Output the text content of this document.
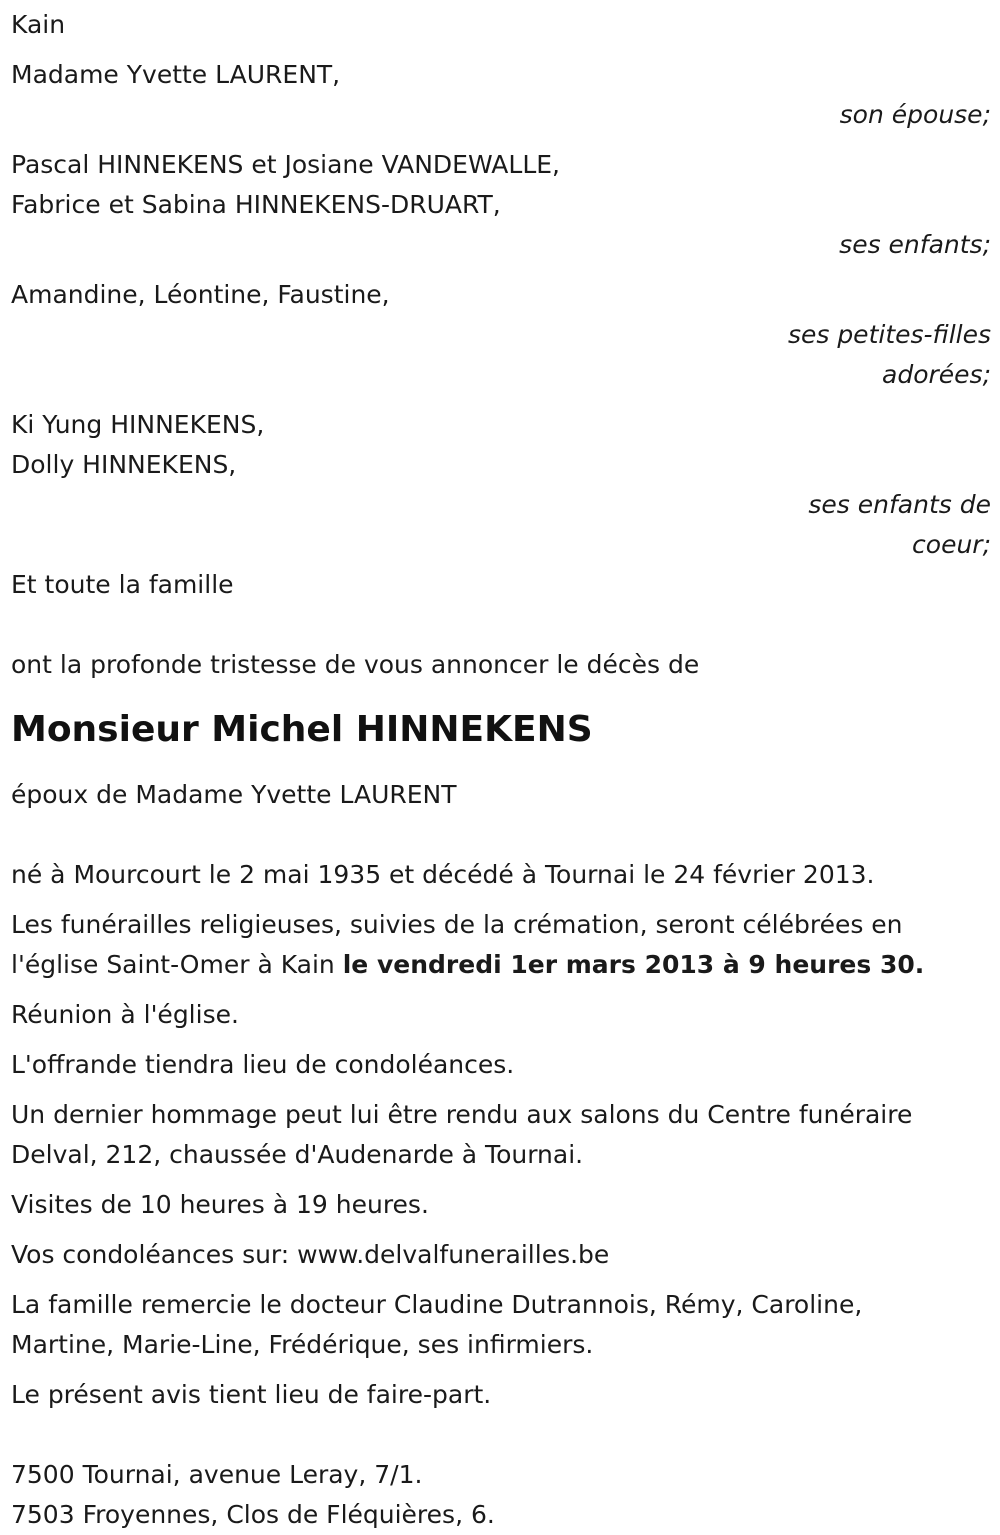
Kain

Madame Yvette LAURENT,

son épouse;

Pascal HINNEKENS et Josiane VANDEWALLE,

Fabrice et Sabina HINNEKENS-DRUART,

ses enfants;

Amandine, Léontine, Faustine,

ses petites-filles

adorées;

Ki Yung HINNEKENS,

Dolly HINNEKENS,

ses enfants de

coeur;

Et toute la famille

ont la profonde tristesse de vous annoncer le décès de

Monsieur Michel HINNEKENS

époux de Madame Yvette LAURENT

né à Mourcourt le 2 mai 1935 et décédé à Tournai le 24 février 2013.

Les funérailles religieuses, suivies de la crémation, seront célébrées en

l'église Saint-Omer à Kain le vendredi 1er mars 2013 à 9 heures 30.

Réunion à l'église.

L'offrande tiendra lieu de condoléances.

Un dernier hommage peut lui être rendu aux salons du Centre funéraire

Delval, 212, chaussée d'Audenarde à Tournai.

Visites de 10 heures à 19 heures.

Vos condoléances sur: www.delvalfunerailles.be

La famille remercie le docteur Claudine Dutrannois, Rémy, Caroline,

Martine, Marie-Line, Frédérique, ses infirmiers.

Le présent avis tient lieu de faire-part.

7500 Tournai, avenue Leray, 7/1.

7503 Froyennes, Clos de Fléquières, 6.
